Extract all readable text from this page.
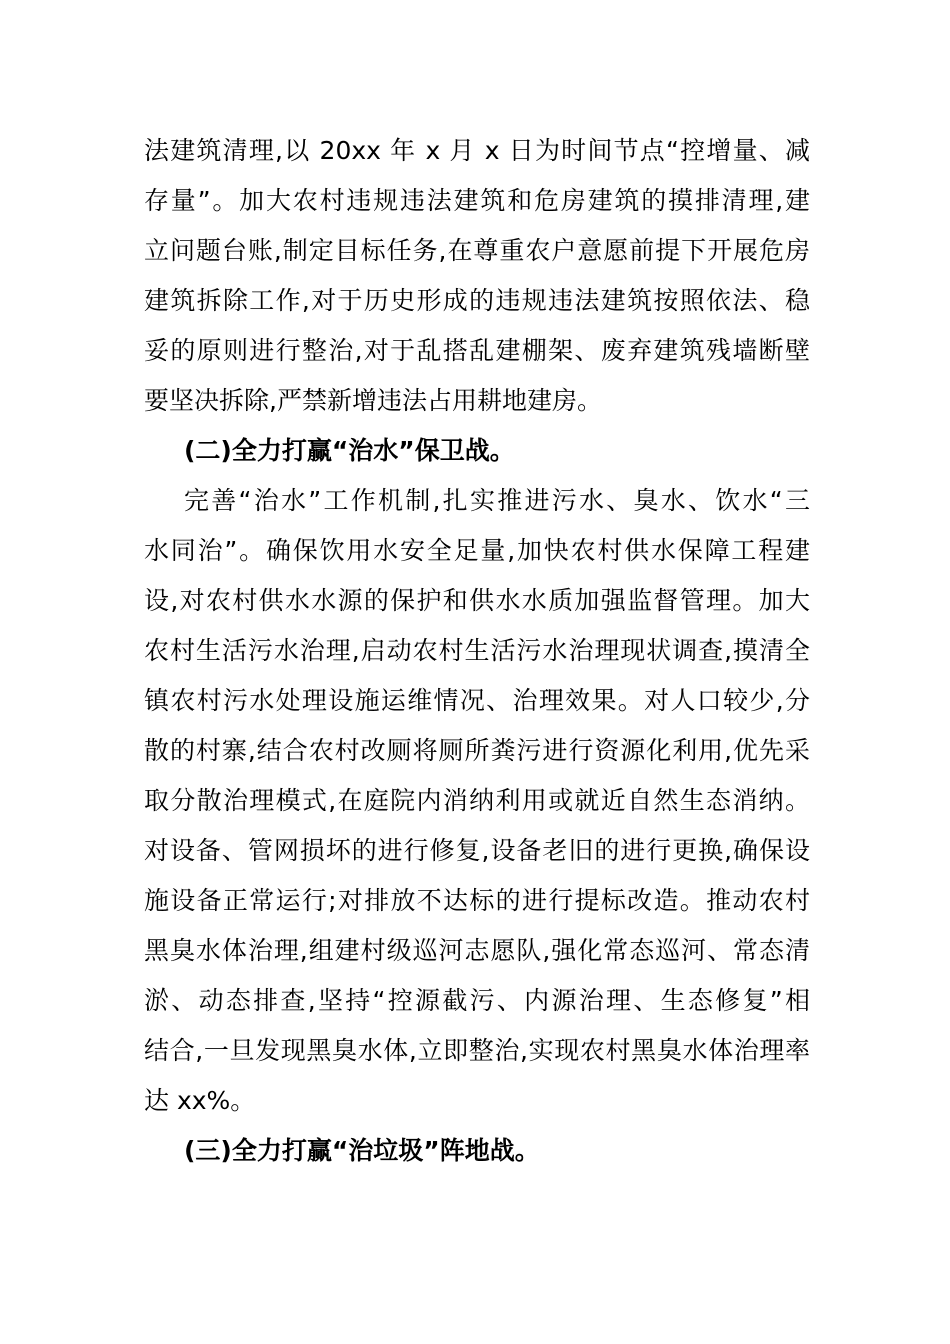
法建筑清理,以 20xx 年 x 月 x 日为时间节点“控增量、减
存量”。加大农村违规违法建筑和危房建筑的摸排清理,建
立问题台账,制定目标任务,在尊重农户意愿前提下开展危房
建筑拆除工作,对于历史形成的违规违法建筑按照依法、稳
妥的原则进行整治,对于乱搭乱建棚架、废弃建筑残墙断壁
要坚决拆除,严禁新增违法占用耕地建房。
(二)全力打赢“治水”保卫战。
完善“治水”工作机制,扎实推进污水、臭水、饮水“三
水同治”。确保饮用水安全足量,加快农村供水保障工程建
设,对农村供水水源的保护和供水水质加强监督管理。加大
农村生活污水治理,启动农村生活污水治理现状调查,摸清全
镇农村污水处理设施运维情况、治理效果。对人口较少,分
散的村寨,结合农村改厕将厕所粪污进行资源化利用,优先采
取分散治理模式,在庭院内消纳利用或就近自然生态消纳。
对设备、管网损坏的进行修复,设备老旧的进行更换,确保设
施设备正常运行;对排放不达标的进行提标改造。推动农村
黑臭水体治理,组建村级巡河志愿队,强化常态巡河、常态清
淤、动态排查,坚持“控源截污、内源治理、生态修复”相
结合,一旦发现黑臭水体,立即整治,实现农村黑臭水体治理率
达 xx%。
(三)全力打赢“治垃圾”阵地战。
